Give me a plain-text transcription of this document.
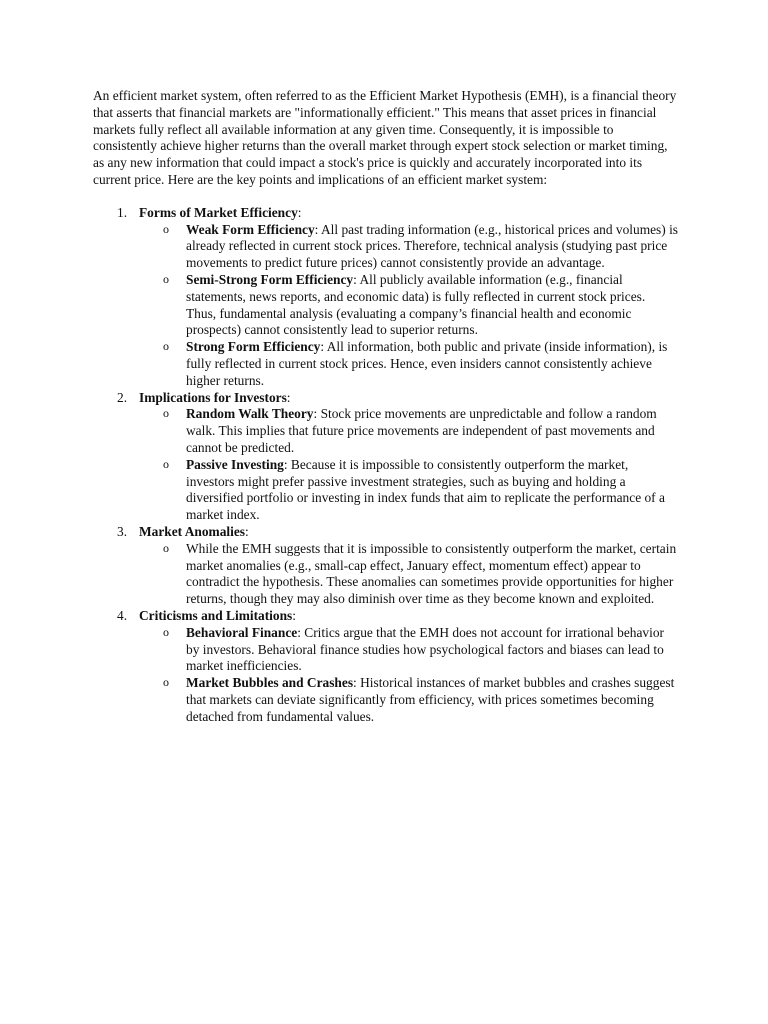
An efficient market system, often referred to as the Efficient Market Hypothesis (EMH), is a financial theory that asserts that financial markets are "informationally efficient." This means that asset prices in financial markets fully reflect all available information at any given time. Consequently, it is impossible to consistently achieve higher returns than the overall market through expert stock selection or market timing, as any new information that could impact a stock's price is quickly and accurately incorporated into its current price. Here are the key points and implications of an efficient market system:

1. Forms of Market Efficiency:
o Weak Form Efficiency: All past trading information (e.g., historical prices and volumes) is already reflected in current stock prices. Therefore, technical analysis (studying past price movements to predict future prices) cannot consistently provide an advantage.
o Semi-Strong Form Efficiency: All publicly available information (e.g., financial statements, news reports, and economic data) is fully reflected in current stock prices. Thus, fundamental analysis (evaluating a company’s financial health and economic prospects) cannot consistently lead to superior returns.
o Strong Form Efficiency: All information, both public and private (inside information), is fully reflected in current stock prices. Hence, even insiders cannot consistently achieve higher returns.
2. Implications for Investors:
o Random Walk Theory: Stock price movements are unpredictable and follow a random walk. This implies that future price movements are independent of past movements and cannot be predicted.
o Passive Investing: Because it is impossible to consistently outperform the market, investors might prefer passive investment strategies, such as buying and holding a diversified portfolio or investing in index funds that aim to replicate the performance of a market index.
3. Market Anomalies:
o While the EMH suggests that it is impossible to consistently outperform the market, certain market anomalies (e.g., small-cap effect, January effect, momentum effect) appear to contradict the hypothesis. These anomalies can sometimes provide opportunities for higher returns, though they may also diminish over time as they become known and exploited.
4. Criticisms and Limitations:
o Behavioral Finance: Critics argue that the EMH does not account for irrational behavior by investors. Behavioral finance studies how psychological factors and biases can lead to market inefficiencies.
o Market Bubbles and Crashes: Historical instances of market bubbles and crashes suggest that markets can deviate significantly from efficiency, with prices sometimes becoming detached from fundamental values.
